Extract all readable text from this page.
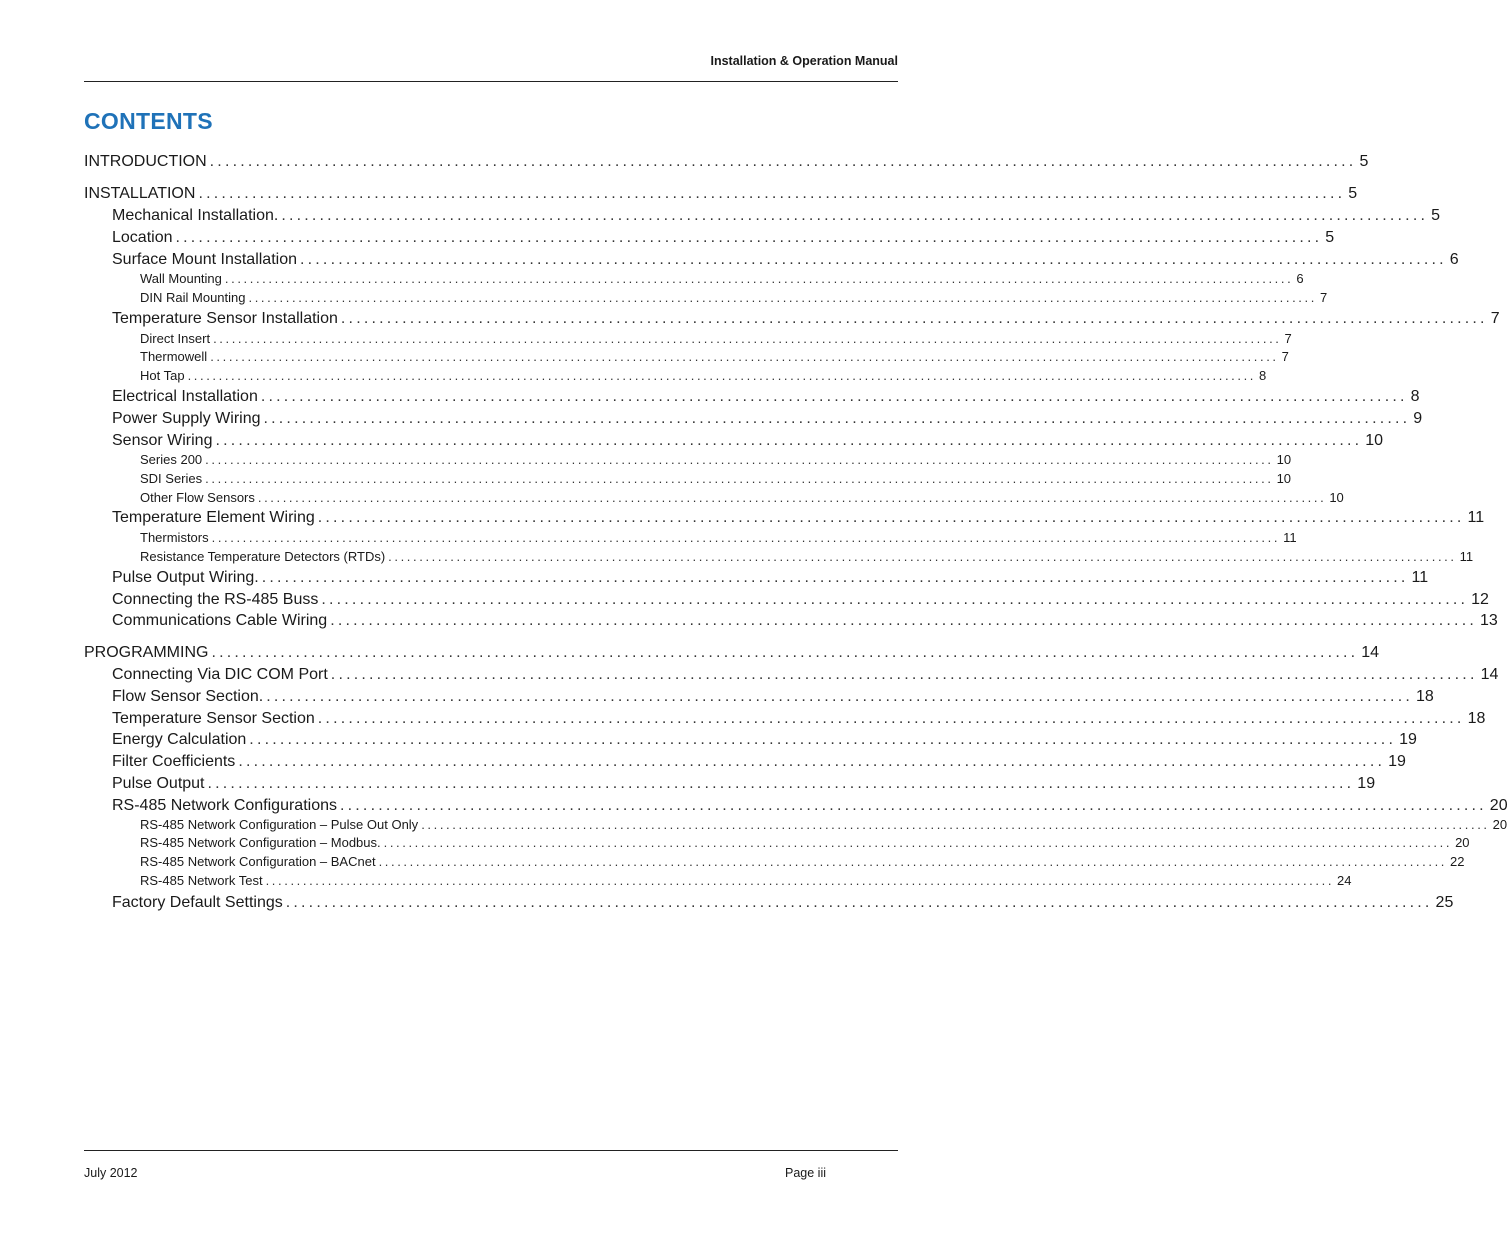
Installation & Operation Manual
CONTENTS
INTRODUCTION ...................................................................................................................................................... 5
INSTALLATION ...................................................................................................................................................... 5
Mechanical Installation. ...................................................................................................................................................... 5
Location ...................................................................................................................................................... 5
Surface Mount Installation ...................................................................................................................................................... 6
Wall Mounting ............................................................................................................................................................................ 6
DIN Rail Mounting ............................................................................................................................................................................ 7
Temperature Sensor Installation ...................................................................................................................................................... 7
Direct Insert ............................................................................................................................................................................ 7
Thermowell ............................................................................................................................................................................ 7
Hot Tap ............................................................................................................................................................................ 8
Electrical Installation ...................................................................................................................................................... 8
Power Supply Wiring ...................................................................................................................................................... 9
Sensor Wiring ...................................................................................................................................................... 10
Series 200 ............................................................................................................................................................................ 10
SDI Series ............................................................................................................................................................................ 10
Other Flow Sensors ............................................................................................................................................................................ 10
Temperature Element Wiring ...................................................................................................................................................... 11
Thermistors ............................................................................................................................................................................ 11
Resistance Temperature Detectors (RTDs) ............................................................................................................................................................................ 11
Pulse Output Wiring. ...................................................................................................................................................... 11
Connecting the RS-485 Buss ...................................................................................................................................................... 12
Communications Cable Wiring ...................................................................................................................................................... 13
PROGRAMMING ...................................................................................................................................................... 14
Connecting Via DIC COM Port ...................................................................................................................................................... 14
Flow Sensor Section. ...................................................................................................................................................... 18
Temperature Sensor Section ...................................................................................................................................................... 18
Energy Calculation ...................................................................................................................................................... 19
Filter Coefficients ...................................................................................................................................................... 19
Pulse Output ...................................................................................................................................................... 19
RS-485 Network Configurations ...................................................................................................................................................... 20
RS-485 Network Configuration – Pulse Out Only ............................................................................................................................................................................ 20
RS-485 Network Configuration – Modbus. ............................................................................................................................................................................ 20
RS-485 Network Configuration – BACnet ............................................................................................................................................................................ 22
RS-485 Network Test ............................................................................................................................................................................ 24
Factory Default Settings ...................................................................................................................................................... 25
July 2012	Page iii
